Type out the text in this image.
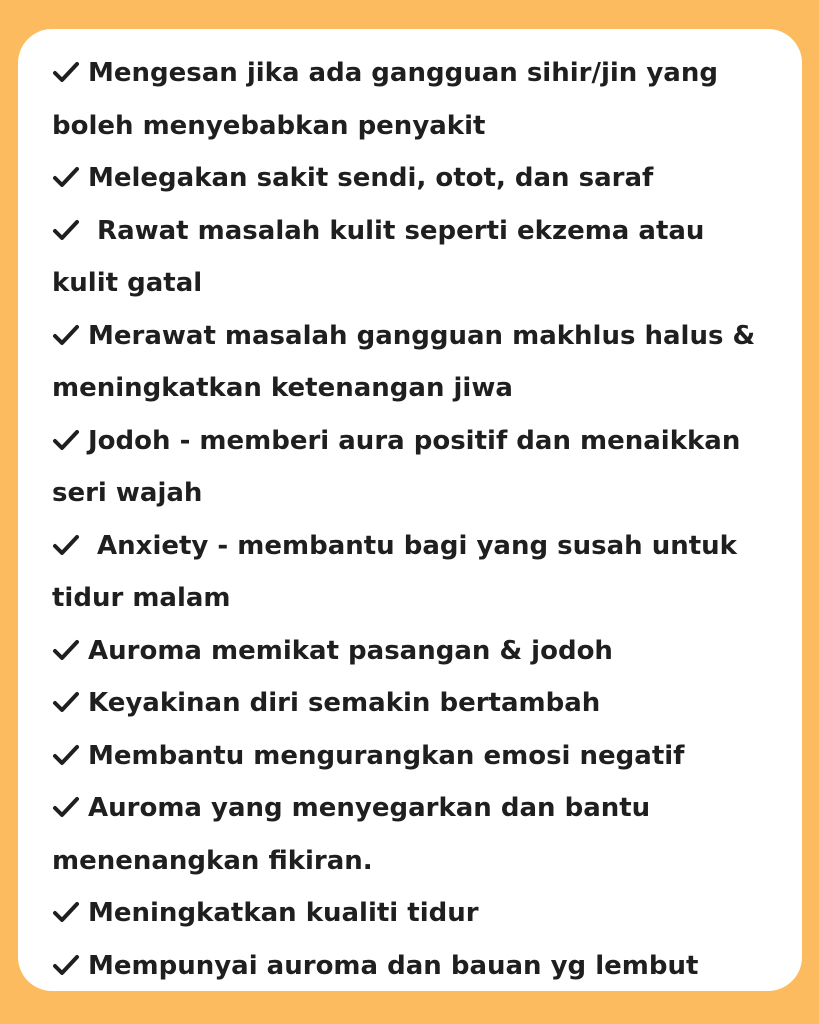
Mengesan jika ada gangguan sihir/jin yang boleh menyebabkan penyakit
Melegakan sakit sendi, otot, dan saraf
Rawat masalah kulit seperti ekzema atau kulit gatal
Merawat masalah gangguan makhlus halus & meningkatkan ketenangan jiwa
Jodoh - memberi aura positif dan menaikkan seri wajah
Anxiety - membantu bagi yang susah untuk tidur malam
Auroma memikat pasangan & jodoh
Keyakinan diri semakin bertambah
Membantu mengurangkan emosi negatif
Auroma yang menyegarkan dan bantu menenangkan fikiran.
Meningkatkan kualiti tidur
Mempunyai auroma dan bauan yg lembut
